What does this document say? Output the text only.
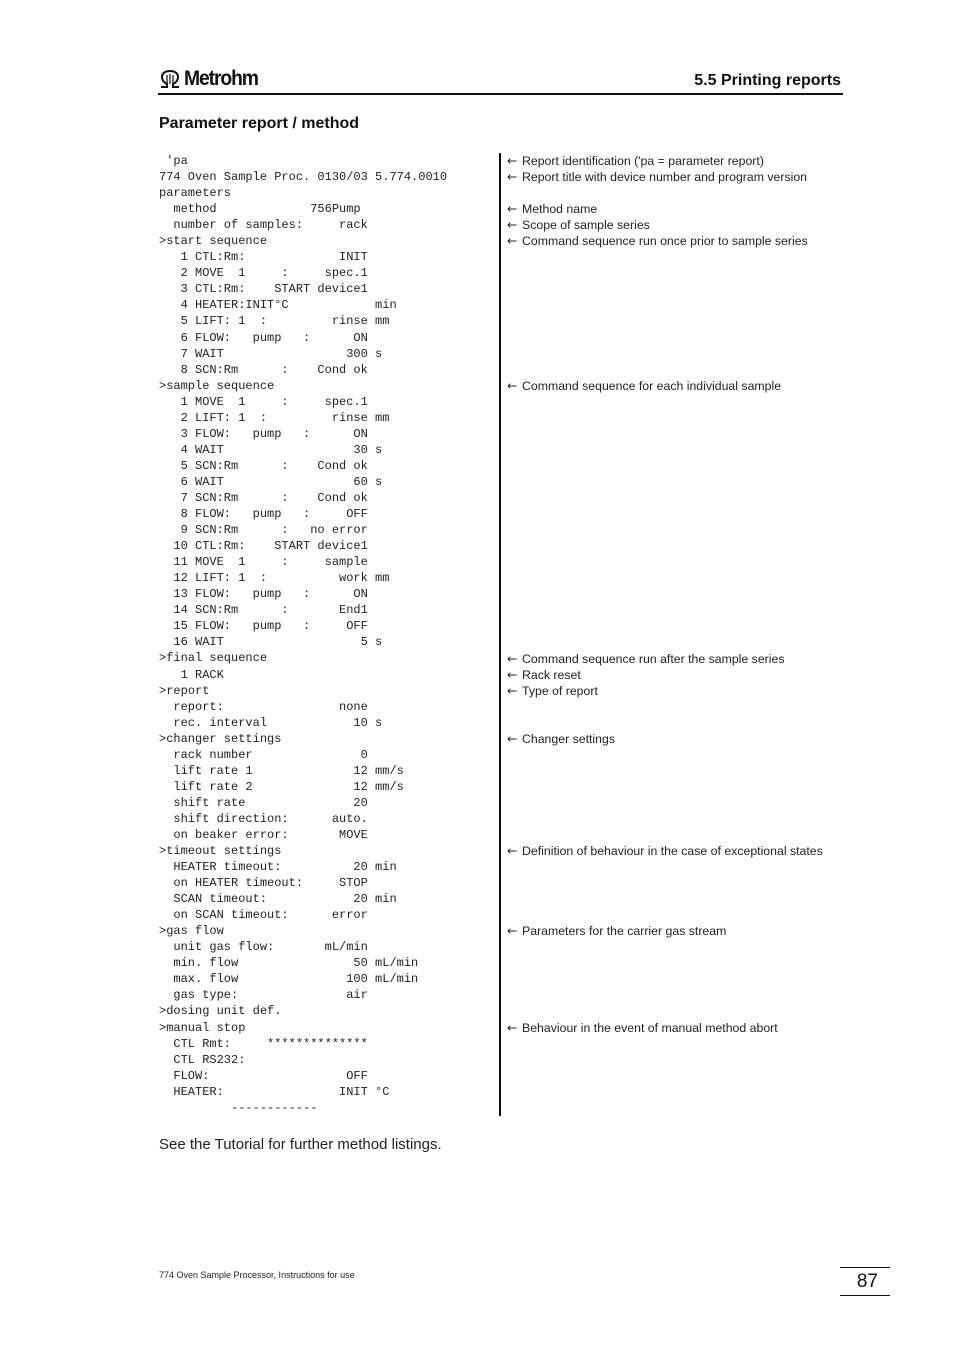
Metrohm	5.5 Printing reports
Parameter report / method
'pa
774 Oven Sample Proc. 0130/03 5.774.0010
parameters
method             756Pump
number of samples:     rack
>start sequence
1 CTL:Rm:             INIT
2 MOVE  1     :     spec.1
3 CTL:Rm:    START device1
4 HEATER:INIT°C            min
5 LIFT: 1  :         rinse mm
6 FLOW:   pump   :      ON
7 WAIT                 300 s
8 SCN:Rm      :    Cond ok
>sample sequence
1 MOVE  1     :     spec.1
2 LIFT: 1  :         rinse mm
3 FLOW:   pump   :      ON
4 WAIT                  30 s
5 SCN:Rm      :    Cond ok
6 WAIT                  60 s
7 SCN:Rm      :    Cond ok
8 FLOW:   pump   :     OFF
9 SCN:Rm      :   no error
10 CTL:Rm:    START device1
11 MOVE  1     :     sample
12 LIFT: 1  :          work mm
13 FLOW:   pump   :      ON
14 SCN:Rm      :       End1
15 FLOW:   pump   :     OFF
16 WAIT                   5 s
>final sequence
1 RACK
>report
report:                none
rec. interval            10 s
>changer settings
rack number               0
lift rate 1              12 mm/s
lift rate 2              12 mm/s
shift rate               20
shift direction:      auto.
on beaker error:       MOVE
>timeout settings
HEATER timeout:          20 min
on HEATER timeout:     STOP
SCAN timeout:            20 min
on SCAN timeout:      error
>gas flow
unit gas flow:       mL/min
min. flow                50 mL/min
max. flow               100 mL/min
gas type:               air
>dosing unit def.
>manual stop
CTL Rmt:     **************
CTL RS232:
FLOW:                   OFF
HEATER:                INIT °C
------------
← Report identification ('pa = parameter report)
← Report title with device number and program version
← Method name
← Scope of sample series
← Command sequence run once prior to sample series
← Command sequence for each individual sample
← Command sequence run after the sample series
← Rack reset
← Type of report
← Changer settings
← Definition of behaviour in the case of exceptional states
← Parameters for the carrier gas stream
← Behaviour in the event of manual method abort
See the Tutorial for further method listings.
774 Oven Sample Processor, Instructions for use	87
